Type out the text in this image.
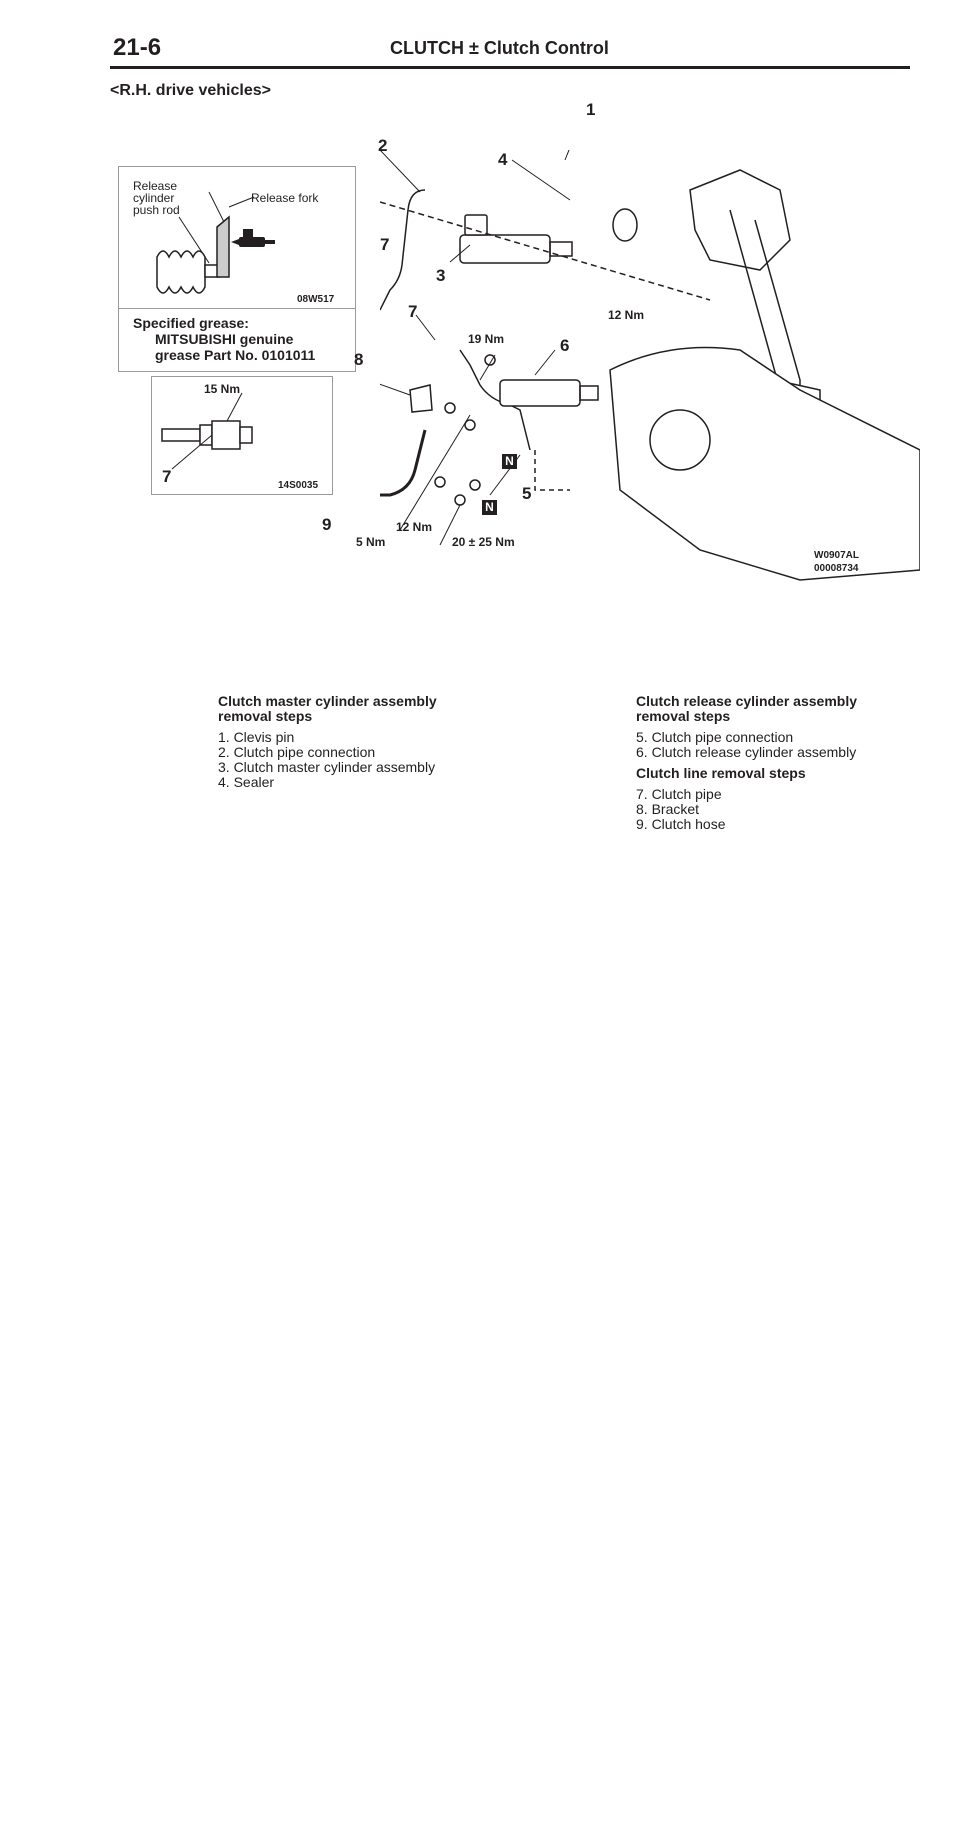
21-6	CLUTCH ± Clutch Control
<R.H. drive vehicles>
Release
cylinder
push rod
Release fork
08W517
Specified grease:
MITSUBISHI genuine
grease Part No. 0101011
15 Nm
7	14S0035
1
2
4
7
3
7
8
6
9
5
12 Nm
19 Nm
12 Nm
5 Nm	20 ± 25 Nm
N
N
W0907AL
00008734
Clutch master cylinder assembly
removal steps
1. Clevis pin
2. Clutch pipe connection
3. Clutch master cylinder assembly
4. Sealer
Clutch release cylinder assembly
removal steps
5. Clutch pipe connection
6. Clutch release cylinder assembly
Clutch line removal steps
7. Clutch pipe
8. Bracket
9. Clutch hose
